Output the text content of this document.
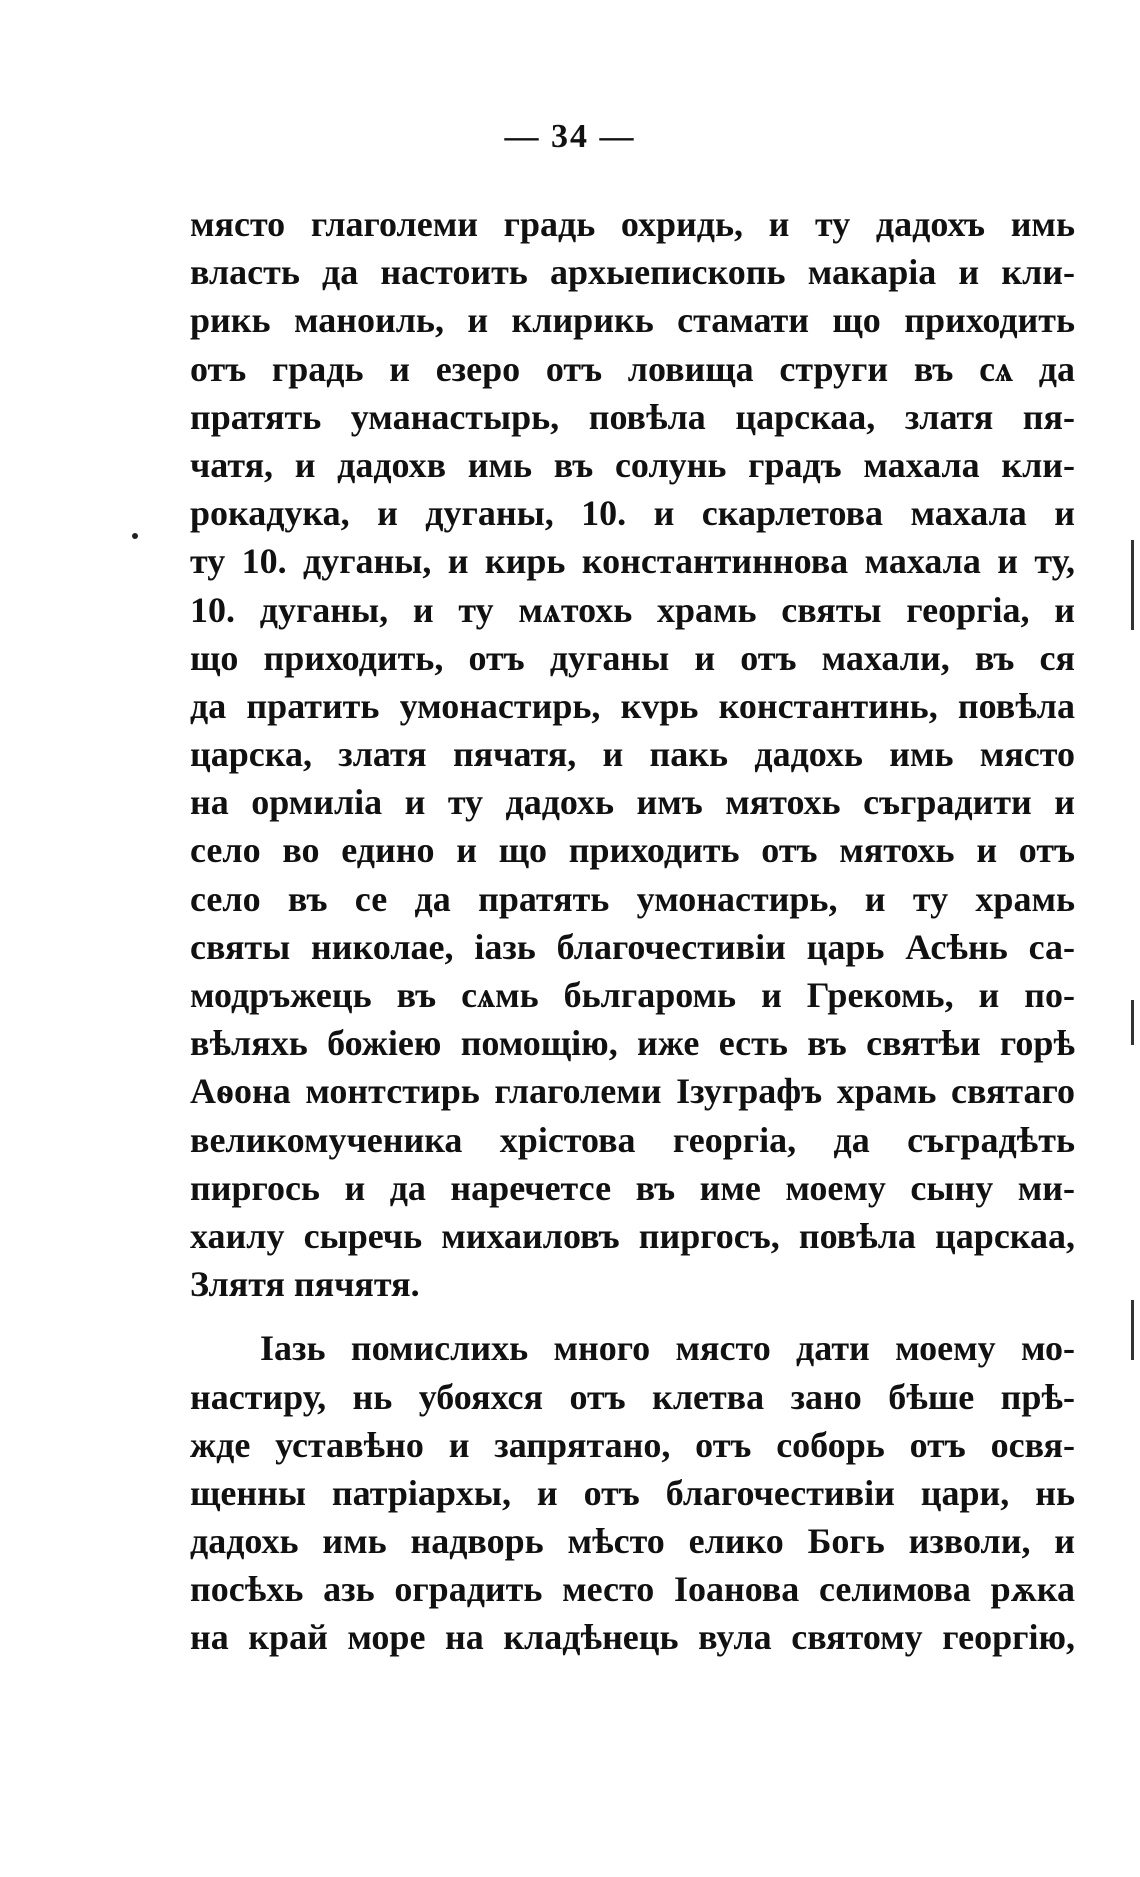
— 34 —
място глаголеми градь охридь, и ту дадохъ имь
власть да настоить архыепископь макаріа и кли-
рикь маноиль, и клирикь стамати що приходить
отъ градь и езеро отъ ловища струги въ сѧ да
пратять уманастырь, повѣла царскаа, златя пя-
чатя, и дадохв имь въ солунь градъ махала кли-
рокадука, и дуганы, 10. и скарлетова махала и
ту 10. дуганы, и кирь константиннова махала и ту,
10. дуганы, и ту мѧтохь храмь святы георгіа, и
що приходить, отъ дуганы и отъ махали, въ ся
да пратить умонастирь, кvрь константинь, повѣла
царска, златя пячатя, и пакь дадохь имь място
на ормиліа и ту дадохь имъ мятохь съградити и
село во едино и що приходить отъ мятохь и отъ
село въ се да пратять умонастирь, и ту храмь
святы николае, іазь благочестивіи царь Асѣнь са-
модръжець въ сѧмь бьлгаромь и Грекомь, и по-
вѣляхь божіею помощію, иже есть въ святѣи горѣ
Аѳона монтстирь глаголеми Ізуграфъ храмь святаго
великомученика хрістова георгіа, да съградѣть
пиргось и да наречетсе въ име моему сыну ми-
хаилу сыречь михаиловъ пиргосъ, повѣла царскаа,
Злятя пячятя.
Іазь помислихь много място дати моему мо-
настиру, нь убояхся отъ клетва зано бѣше прѣ-
жде уставѣно и запрятано, отъ соборь отъ освя-
щенны патріархы, и отъ благочестивіи цари, нь
дадохь имь надворь мѣсто елико Богь изволи, и
посѣхь азь оградить место Іоанова селимова рѫка
на край море на кладѣнець вула святому георгію,
